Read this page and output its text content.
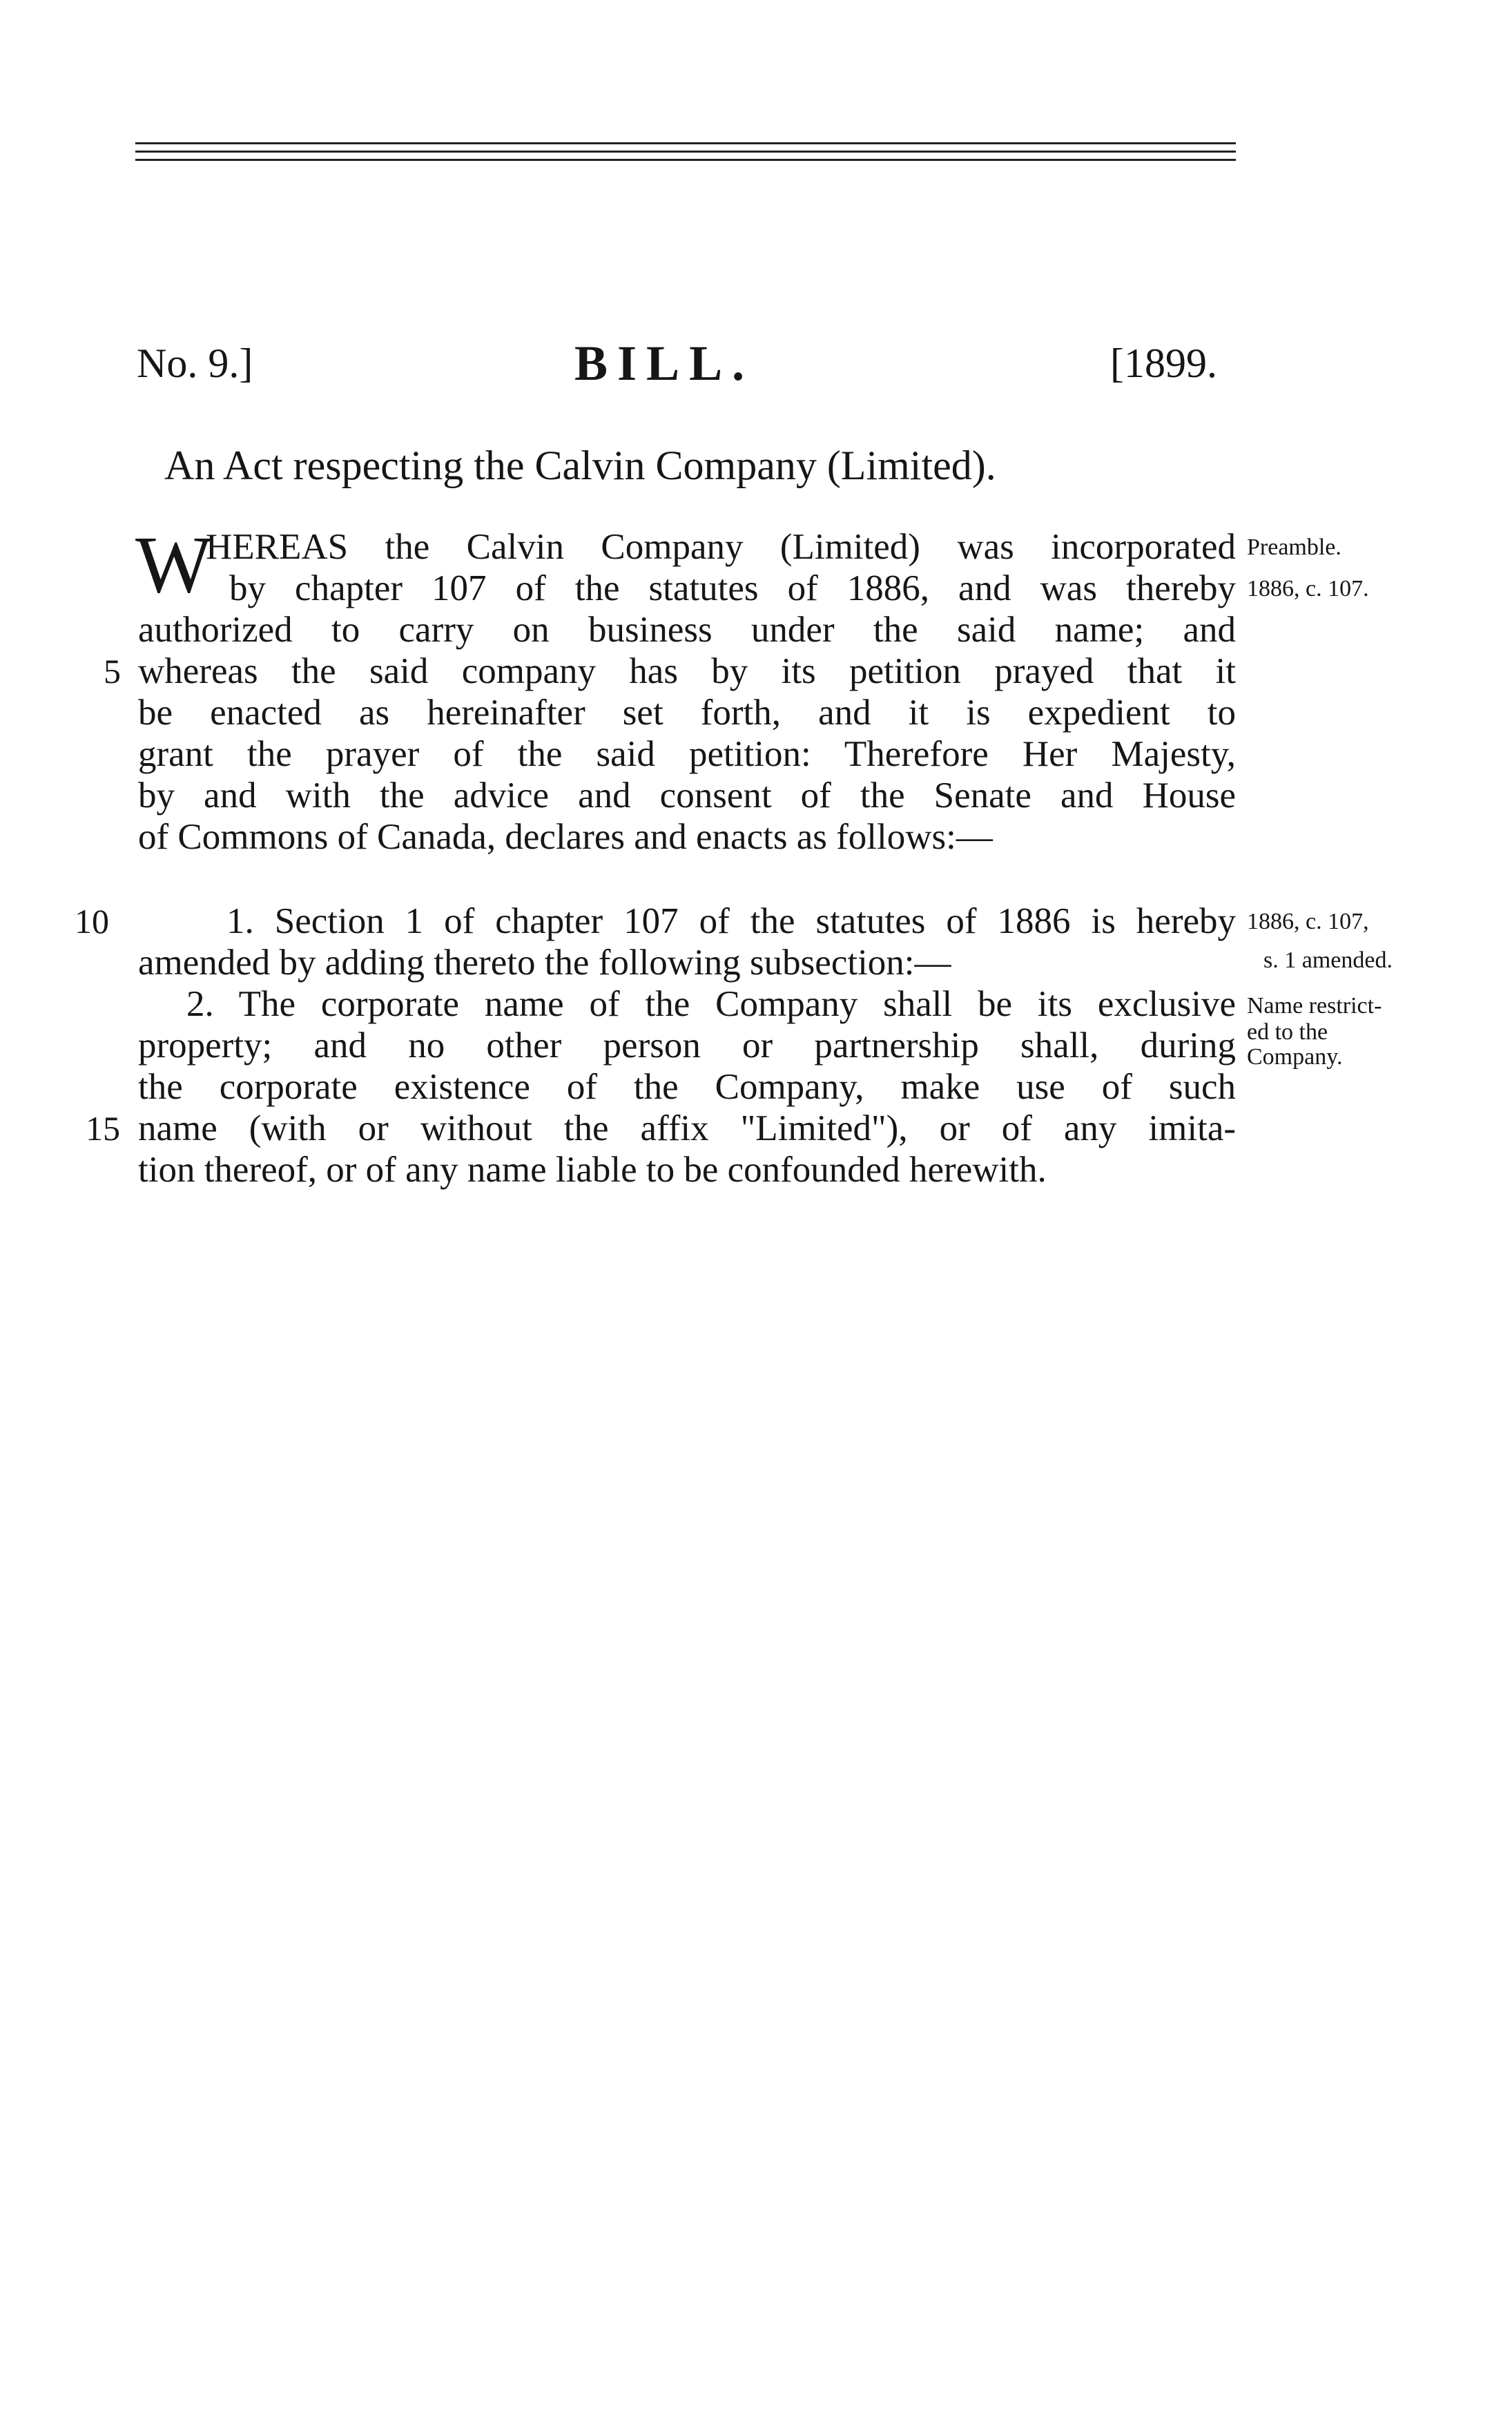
No. 9.]	BILL.	[1899.
An Act respecting the Calvin Company (Limited).
W
HEREAS the Calvin Company (Limited) was incorporated
by chapter 107 of the statutes of 1886, and was thereby
authorized to carry on business under the said name; and
whereas the said company has by its petition prayed that it
be enacted as hereinafter set forth, and it is expedient to
grant the prayer of the said petition: Therefore Her Majesty,
by and with the advice and consent of the Senate and House
of Commons of Canada, declares and enacts as follows:—
1. Section 1 of chapter 107 of the statutes of 1886 is hereby
amended by adding thereto the following subsection:—
2. The corporate name of the Company shall be its exclusive
property; and no other person or partnership shall, during
the corporate existence of the Company, make use of such
name (with or without the affix "Limited"), or of any imita-
tion thereof, or of any name liable to be confounded herewith.
5
10
15
Preamble.
1886, c. 107.
1886, c. 107,
s. 1 amended.
Name restrict-
ed to the
Company.
